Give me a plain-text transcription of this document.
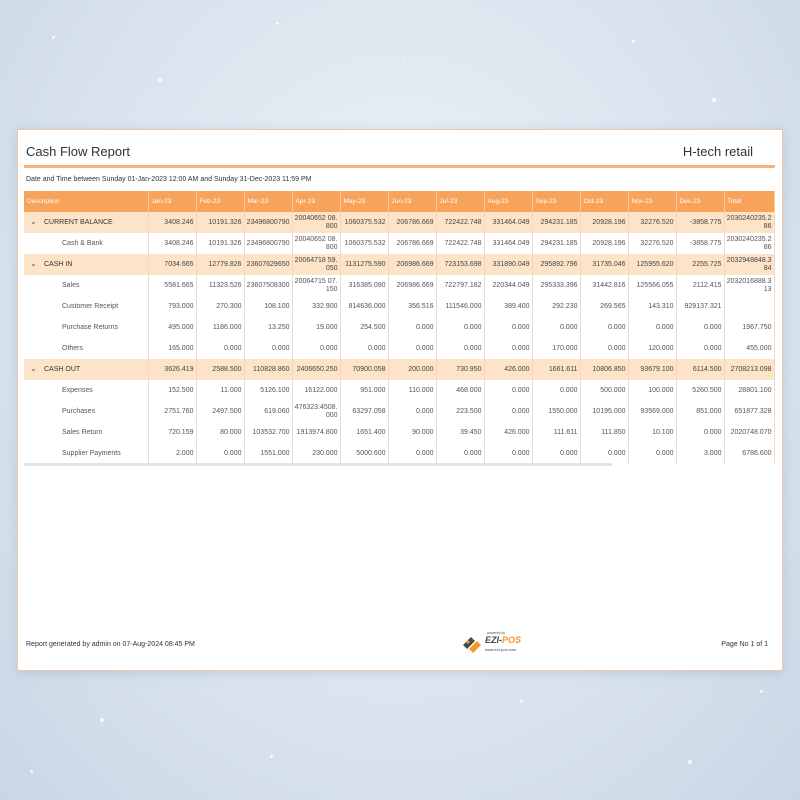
Cash Flow Report	H-tech retail
Date and Time between Sunday 01-Jan-2023 12:00 AM and Sunday 31-Dec-2023 11:59 PM
Description	Jan-23	Feb-23	Mar-23	Apr-23	May-23	Jun-23	Jul-23	Aug-23	Sep-23	Oct-23	Nov-23	Dec-23	Total
⌄ CURRENT BALANCE	3408.246	10191.326	23496800790	20040652 08.800	1060375.532	206786.669	722422.748	331464.049	294231.185	20928.196	32276.520	-3858.775	2030240235.286
Cash & Bank	3408.246	10191.326	23496800790	20040652 08.800	1060375.532	206786.669	722422.748	331464.049	294231.185	20928.196	32276.520	-3858.775	2030240235.286
⌄ CASH IN	7034.665	12779.826	23607629650	20064718 59.050	1131275.590	206986.669	723153.698	331890.049	295892.796	31735.046	125955.620	2255.725	2032948848.384
Sales	5581.665	11323.526	23607508300	20064715 07.150	316385.090	206986.669	722797.182	220344.049	295333.396	31442.816	125566.055	2112.415	2032016888.313
Customer Receipt	793.000	270.300	108.100	332.900	814636.000	356.516	111546.000	389.400	292.230	269.565	143.310	929137.321	
Purchase Returns	495.000	1186.000	13.250	19.000	254.500	0.000	0.000	0.000	0.000	0.000	0.000	0.000	1967.750
Others	165.000	0.000	0.000	0.000	0.000	0.000	0.000	0.000	170.000	0.000	120.000	0.000	455.000
⌄ CASH OUT	3626.419	2588.500	110828.860	2406650.250	70900.058	200.000	730.950	426.000	1661.611	10806.850	93679.100	6114.500	2708213.098
Expenses	152.500	11.000	5126.100	16122.000	951.000	110.000	468.000	0.000	0.000	500.000	100.000	5260.500	28801.100
Purchases	2751.760	2497.500	619.060	476323.4508.000	63297.058	0.000	223.500	0.000	1550.000	10195.000	93569.000	851.000	651877.328
Sales Return	720.159	80.000	103532.700	1913974.800	1651.400	90.000	39.450	426.000	111.611	111.850	10.100	0.000	2020748.070
Supplier Payments	2.000	0.000	1551.000	230.000	5000.600	0.000	0.000	0.000	0.000	0.000	0.000	3.000	6786.600
Report generated by admin on 07-Aug-2024 08:45 PM
powered by
EZI-POS
www.ezi-pos.com
Page No 1 of 1
